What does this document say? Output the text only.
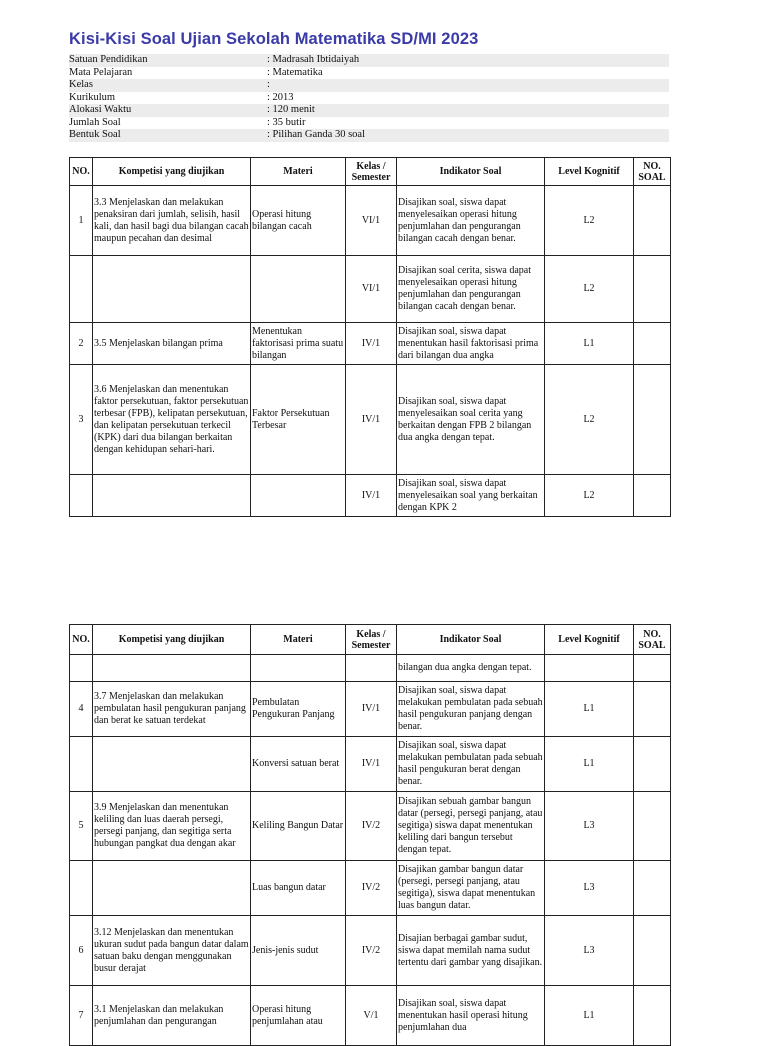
Kisi-Kisi Soal Ujian Sekolah Matematika SD/MI 2023
Satuan Pendidikan	: Madrasah Ibtidaiyah
Mata Pelajaran	: Matematika
Kelas	:
Kurikulum	: 2013
Alokasi Waktu	: 120 menit
Jumlah Soal	: 35 butir
Bentuk Soal	: Pilihan Ganda 30 soal
NO.	Kompetisi yang diujikan	Materi	Kelas / Semester	Indikator Soal	Level Kognitif	NO. SOAL
1	3.3 Menjelaskan dan melakukan penaksiran dari jumlah, selisih, hasil kali, dan hasil bagi dua bilangan cacah maupun pecahan dan desimal	Operasi hitung bilangan cacah	VI/1	Disajikan soal, siswa dapat menyelesaikan operasi hitung penjumlahan dan pengurangan bilangan cacah dengan benar.	L2	
			VI/1	Disajikan soal cerita, siswa dapat menyelesaikan operasi hitung penjumlahan dan pengurangan bilangan cacah dengan benar.	L2	
2	3.5 Menjelaskan bilangan prima	Menentukan faktorisasi prima suatu bilangan	IV/1	Disajikan soal, siswa dapat menentukan hasil faktorisasi prima dari bilangan dua angka	L1	
3	3.6 Menjelaskan dan menentukan faktor persekutuan, faktor persekutuan terbesar (FPB), kelipatan persekutuan, dan kelipatan persekutuan terkecil (KPK) dari dua bilangan berkaitan dengan kehidupan sehari-hari.	Faktor Persekutuan Terbesar	IV/1	Disajikan soal, siswa dapat menyelesaikan soal cerita yang berkaitan dengan FPB 2 bilangan dua angka dengan tepat.	L2	
			IV/1	Disajikan soal, siswa dapat menyelesaikan soal yang berkaitan dengan KPK 2	L2	
NO.	Kompetisi yang diujikan	Materi	Kelas / Semester	Indikator Soal	Level Kognitif	NO. SOAL
				bilangan dua angka dengan tepat.		
4	3.7 Menjelaskan dan melakukan pembulatan hasil pengukuran panjang dan berat ke satuan terdekat	Pembulatan Pengukuran Panjang	IV/1	Disajikan soal, siswa dapat melakukan pembulatan pada sebuah hasil pengukuran panjang dengan benar.	L1	
		Konversi satuan berat	IV/1	Disajikan soal, siswa dapat melakukan pembulatan pada sebuah hasil pengukuran berat dengan benar.	L1	
5	3.9 Menjelaskan dan menentukan keliling dan luas daerah persegi, persegi panjang, dan segitiga serta hubungan pangkat dua dengan akar	Keliling Bangun Datar	IV/2	Disajikan sebuah gambar bangun datar (persegi, persegi panjang, atau segitiga) siswa dapat menentukan keliling dari bangun tersebut dengan tepat.	L3	
		Luas bangun datar	IV/2	Disajikan gambar bangun datar (persegi, persegi panjang, atau segitiga), siswa dapat menentukan luas bangun datar.	L3	
6	3.12 Menjelaskan dan menentukan ukuran sudut pada bangun datar dalam satuan baku dengan menggunakan busur derajat	Jenis-jenis sudut	IV/2	Disajian berbagai gambar sudut, siswa dapat memilah nama sudut tertentu dari gambar yang disajikan.	L3	
7	3.1 Menjelaskan dan melakukan penjumlahan dan pengurangan	Operasi hitung penjumlahan atau	V/1	Disajikan soal, siswa dapat menentukan hasil operasi hitung penjumlahan dua	L1	
